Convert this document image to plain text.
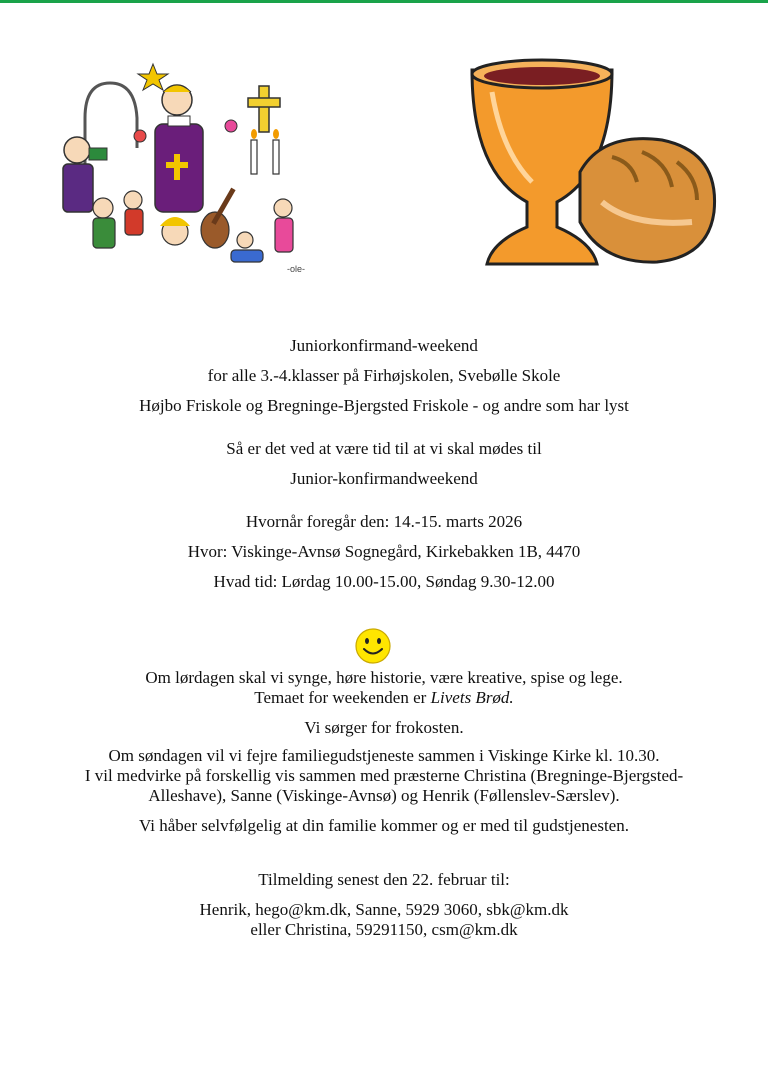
-ole-
Juniorkonfirmand-weekend
for alle 3.-4.klasser på Firhøjskolen, Svebølle Skole
Højbo Friskole og Bregninge-Bjergsted Friskole - og andre som har lyst
Så er det ved at være tid til at vi skal mødes til
Junior-konfirmandweekend
Hvornår foregår den: 14.-15. marts 2026
Hvor: Viskinge-Avnsø Sognegård, Kirkebakken 1B, 4470
Hvad tid: Lørdag 10.00-15.00, Søndag 9.30-12.00
Om lørdagen skal vi synge, høre historie, være kreative, spise og lege.
Temaet for weekenden er Livets Brød.
Vi sørger for frokosten.
Om søndagen vil vi fejre familiegudstjeneste sammen i Viskinge Kirke kl. 10.30.
I vil medvirke på forskellig vis sammen med præsterne Christina (Bregninge-Bjergsted-
Alleshave), Sanne (Viskinge-Avnsø) og Henrik (Føllenslev-Særslev).
Vi håber selvfølgelig at din familie kommer og er med til gudstjenesten.
Tilmelding senest den 22. februar til:
Henrik, hego@km.dk, Sanne, 5929 3060, sbk@km.dk
eller Christina, 59291150, csm@km.dk
